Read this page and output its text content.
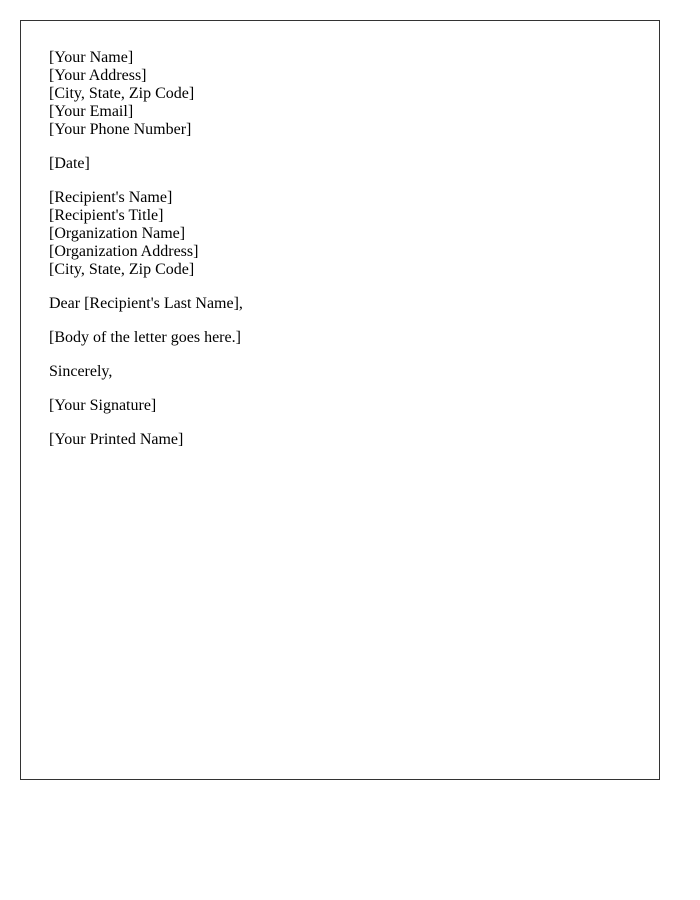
[Your Name]
[Your Address]
[City, State, Zip Code]
[Your Email]
[Your Phone Number]
[Date]
[Recipient's Name]
[Recipient's Title]
[Organization Name]
[Organization Address]
[City, State, Zip Code]
Dear [Recipient's Last Name],
[Body of the letter goes here.]
Sincerely,
[Your Signature]
[Your Printed Name]
